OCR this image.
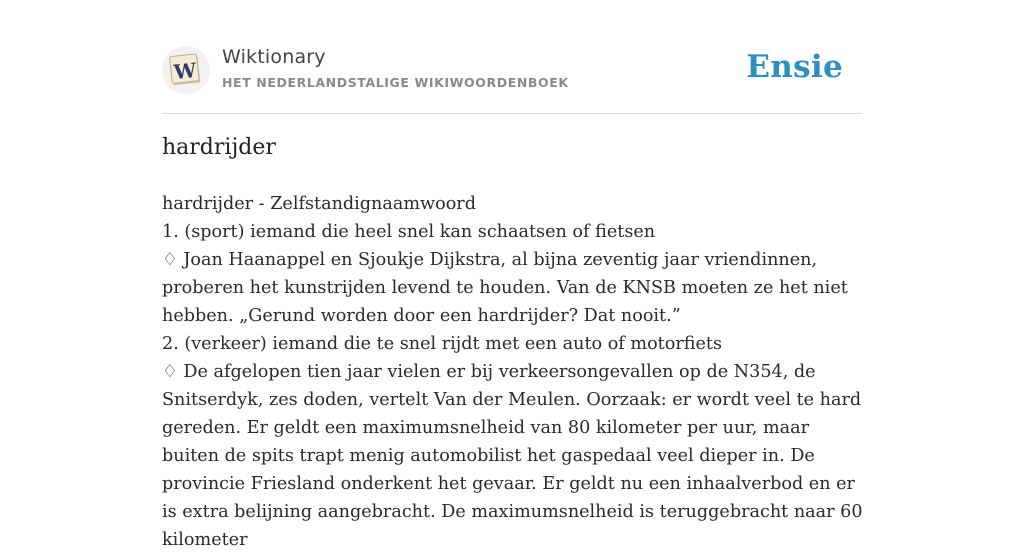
W
Wiktionary
HET NEDERLANDSTALIGE WIKIWOORDENBOEK	Ensie
hardrijder

hardrijder - Zelfstandignaamwoord

1. (sport) iemand die heel snel kan schaatsen of fietsen

♢ Joan Haanappel en Sjoukje Dijkstra, al bijna zeventig jaar vriendinnen, proberen het kunstrijden levend te houden. Van de KNSB moeten ze het niet hebben. „Gerund worden door een hardrijder? Dat nooit.”

2. (verkeer) iemand die te snel rijdt met een auto of motorfiets

♢ De afgelopen tien jaar vielen er bij verkeersongevallen op de N354, de Snitserdyk, zes doden, vertelt Van der Meulen. Oorzaak: er wordt veel te hard gereden. Er geldt een maximumsnelheid van 80 kilometer per uur, maar buiten de spits trapt menig automobilist het gaspedaal veel dieper in. De provincie Friesland onderkent het gevaar. Er geldt nu een inhaalverbod en er is extra belijning aangebracht. De maximumsnelheid is teruggebracht naar 60 kilometer
